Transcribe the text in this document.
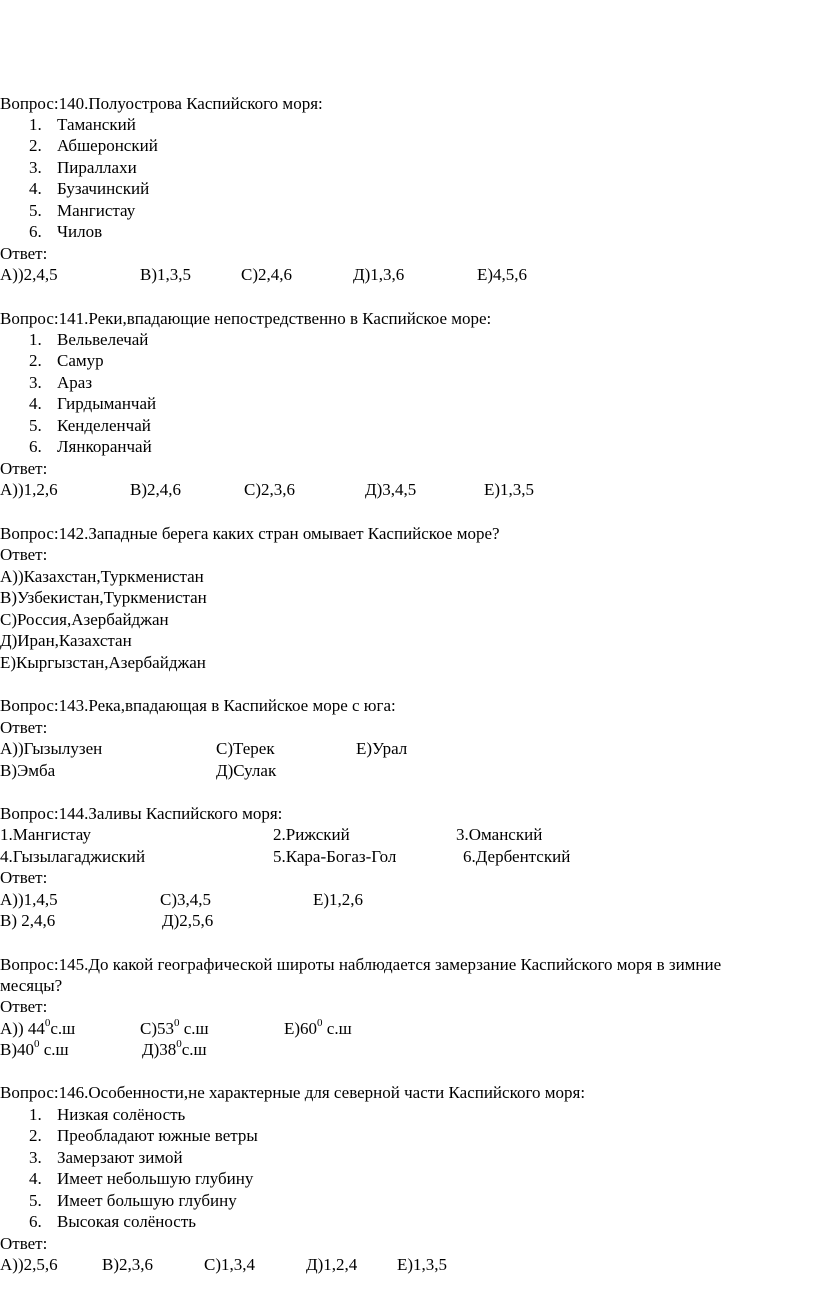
Вопрос:140.Полуострова Каспийского моря:
1. Таманский
2. Абшеронский
3. Пираллахи
4. Бузачинский
5. Мангистау
6. Чилов
Ответ:
A))2,4,5	B)1,3,5	C)2,4,6	Д)1,3,6	E)4,5,6
Вопрос:141.Реки,впадающие непостредственно в Каспийское море:
1. Вельвелечай
2. Самур
3. Араз
4. Гирдыманчай
5. Кенделенчай
6. Лянкоранчай
Ответ:
A))1,2,6	B)2,4,6	C)2,3,6	Д)3,4,5	E)1,3,5
Вопрос:142.Западные берега каких стран омывает Каспийское море?
Ответ:
A))Казахстан,Туркменистан
B)Узбекистан,Туркменистан
C)Россия,Азербайджан
Д)Иран,Казахстан
E)Кыргызстан,Азербайджан
Вопрос:143.Река,впадающая в Каспийское море с юга:
Ответ:
A))Гызылузен	C)Терек	E)Урал
B)Эмба	Д)Сулак
Вопрос:144.Заливы Каспийского моря:
1.Мангистау	2.Рижский	3.Оманский
4.Гызылагаджиский	5.Кара-Богаз-Гол	6.Дербентский
Ответ:
A))1,4,5	C)3,4,5	E)1,2,6
B) 2,4,6	Д)2,5,6
Вопрос:145.До какой географической широты наблюдается замерзание Каспийского моря в зимние
месяцы?
Ответ:
A)) $44^0с.ш$	$C)53^0$ с.ш	$E)60^0$ с.ш
$B)40^0$ с.ш	$Д)38^0с.ш$
Вопрос:146.Особенности,не характерные для северной части Каспийского моря:
1. Низкая солёность
2. Преобладают южные ветры
3. Замерзают зимой
4. Имеет небольшую глубину
5. Имеет большую глубину
6. Высокая солёность
Ответ:
A))2,5,6	B)2,3,6	C)1,3,4	Д)1,2,4 E)1,3,5
